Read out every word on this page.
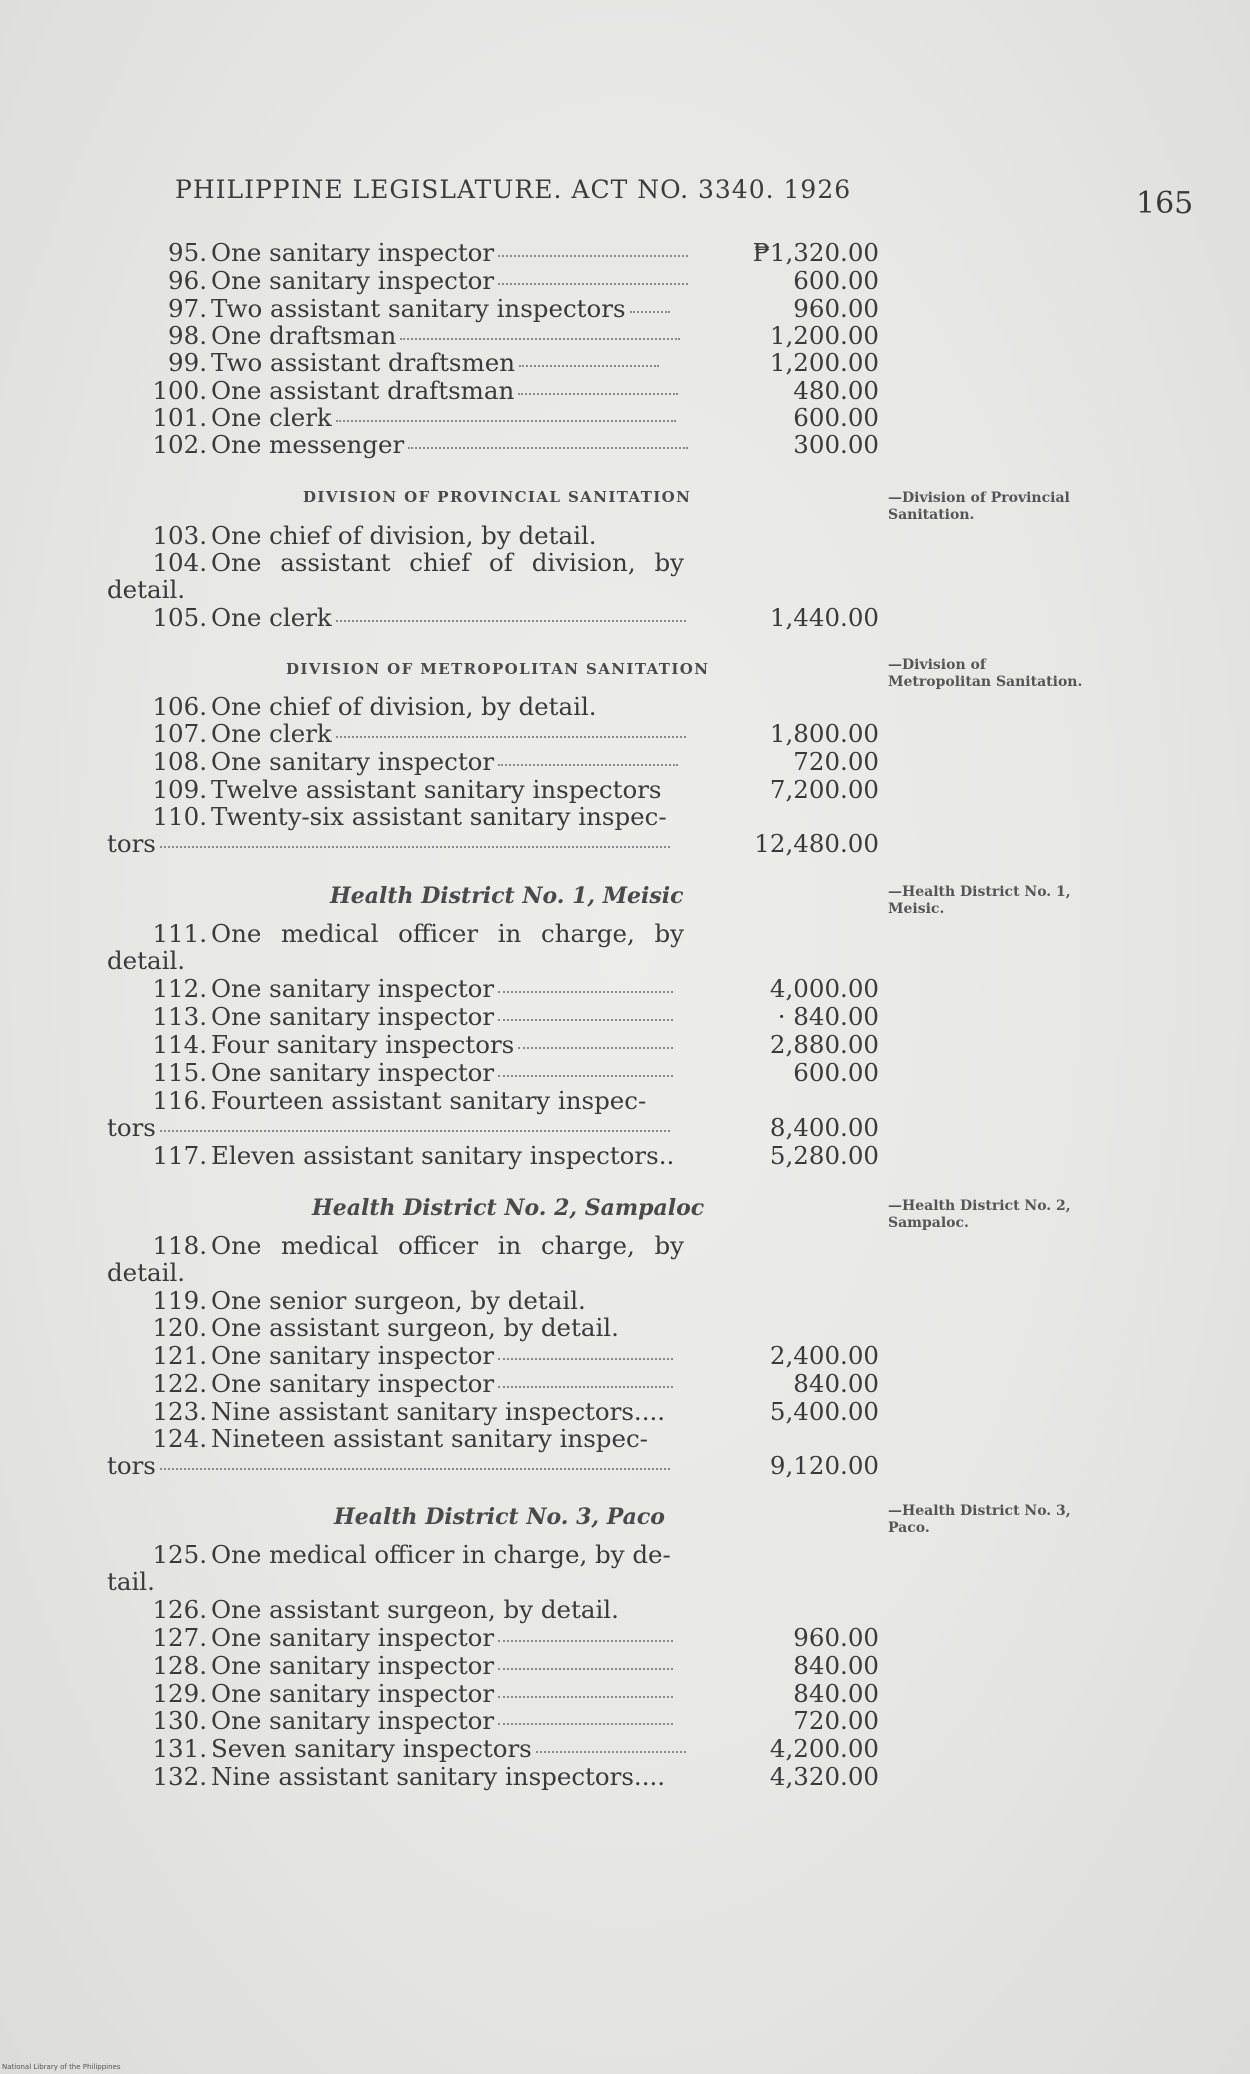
PHILIPPINE LEGISLATURE. ACT NO. 3340. 1926	165
95. One sanitary inspector	₱1,320.00
96. One sanitary inspector	600.00
97. Two assistant sanitary inspectors	960.00
98. One draftsman	1,200.00
99. Two assistant draftsmen	1,200.00
100. One assistant draftsman	480.00
101. One clerk	600.00
102. One messenger	300.00
103. One chief of division, by detail.
104. One assistant chief of division, by
detail.
105. One clerk	1,440.00
106. One chief of division, by detail.
107. One clerk	1,800.00
108. One sanitary inspector	720.00
109. Twelve assistant sanitary inspectors	7,200.00
110. Twenty-six assistant sanitary inspec-
tors	12,480.00
111. One medical officer in charge, by
detail.
112. One sanitary inspector	4,000.00
113. One sanitary inspector	· 840.00
114. Four sanitary inspectors	2,880.00
115. One sanitary inspector	600.00
116. Fourteen assistant sanitary inspec-
tors	8,400.00
117. Eleven assistant sanitary inspectors..	5,280.00
118. One medical officer in charge, by
detail.
119. One senior surgeon, by detail.
120. One assistant surgeon, by detail.
121. One sanitary inspector	2,400.00
122. One sanitary inspector	840.00
123. Nine assistant sanitary inspectors....	5,400.00
124. Nineteen assistant sanitary inspec-
tors	9,120.00
125. One medical officer in charge, by de-
tail.
126. One assistant surgeon, by detail.
127. One sanitary inspector	960.00
128. One sanitary inspector	840.00
129. One sanitary inspector	840.00
130. One sanitary inspector	720.00
131. Seven sanitary inspectors	4,200.00
132. Nine assistant sanitary inspectors....	4,320.00
DIVISION OF PROVINCIAL SANITATION
DIVISION OF METROPOLITAN SANITATION
Health District No. 1, Meisic
Health District No. 2, Sampaloc
Health District No. 3, Paco
—Division of Provincial Sanitation.
—Division of Metropolitan Sanitation.
—Health District No. 1, Meisic.
—Health District No. 2, Sampaloc.
—Health District No. 3, Paco.
National Library of the Philippines
